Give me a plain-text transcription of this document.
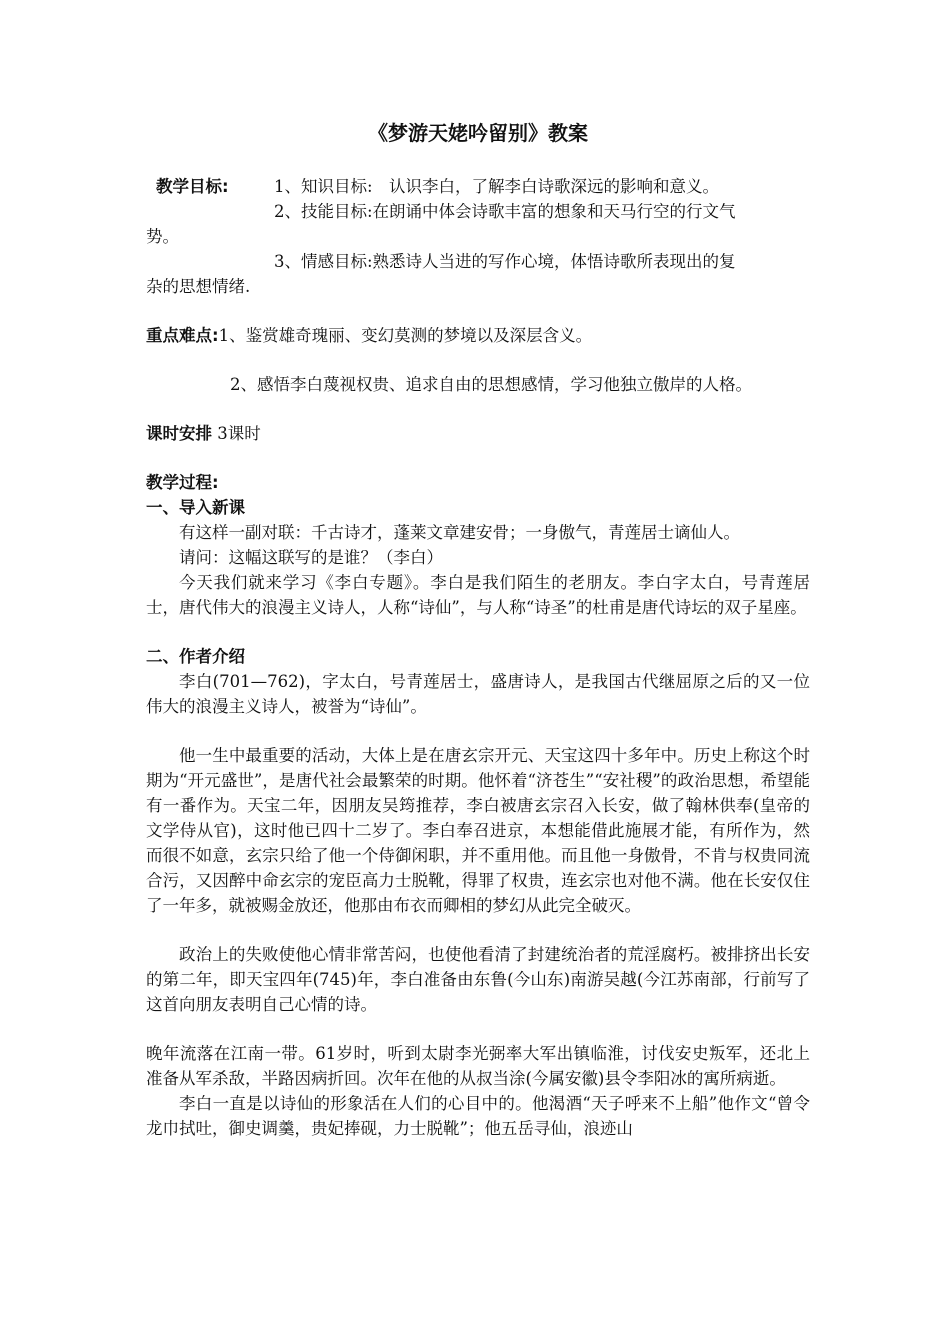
《梦游天姥吟留别》教案

教学目标:	1、知识目标:　认识李白，了解李白诗歌深远的影响和意义。

2、技能目标:在朗诵中体会诗歌丰富的想象和天马行空的行文气

势。

3、情感目标:熟悉诗人当进的写作心境，体悟诗歌所表现出的复

杂的思想情绪.

重点难点:1、鉴赏雄奇瑰丽、变幻莫测的梦境以及深层含义。

2、感悟李白蔑视权贵、追求自由的思想感情，学习他独立傲岸的人格。

课时安排 3课时

教学过程:

一、导入新课

有这样一副对联：千古诗才，蓬莱文章建安骨；一身傲气，青莲居士谪仙人。

请问：这幅这联写的是谁？（李白）

今天我们就来学习《李白专题》。李白是我们陌生的老朋友。李白字太白，号青莲居士，唐代伟大的浪漫主义诗人，人称“诗仙”，与人称“诗圣”的杜甫是唐代诗坛的双子星座。

二、作者介绍

李白(701—762)，字太白，号青莲居士，盛唐诗人，是我国古代继屈原之后的又一位伟大的浪漫主义诗人，被誉为“诗仙”。

他一生中最重要的活动，大体上是在唐玄宗开元、天宝这四十多年中。历史上称这个时期为“开元盛世”，是唐代社会最繁荣的时期。他怀着“济苍生”“安社稷”的政治思想，希望能有一番作为。天宝二年，因朋友吴筠推荐，李白被唐玄宗召入长安，做了翰林供奉(皇帝的文学侍从官)，这时他已四十二岁了。李白奉召进京，本想能借此施展才能，有所作为，然而很不如意，玄宗只给了他一个侍御闲职，并不重用他。而且他一身傲骨，不肯与权贵同流合污，又因醉中命玄宗的宠臣高力士脱靴，得罪了权贵，连玄宗也对他不满。他在长安仅住了一年多，就被赐金放还，他那由布衣而卿相的梦幻从此完全破灭。

政治上的失败使他心情非常苦闷，也使他看清了封建统治者的荒淫腐朽。被排挤出长安的第二年，即天宝四年(745)年，李白准备由东鲁(今山东)南游吴越(今江苏南部，行前写了这首向朋友表明自己心情的诗。

晚年流落在江南一带。61岁时，听到太尉李光弼率大军出镇临淮，讨伐安史叛军，还北上准备从军杀敌，半路因病折回。次年在他的从叔当涂(今属安徽)县令李阳冰的寓所病逝。

李白一直是以诗仙的形象活在人们的心目中的。他渴酒“天子呼来不上船”他作文“曾令龙巾拭吐，御史调羹，贵妃捧砚，力士脱靴”；他五岳寻仙，浪迹山
